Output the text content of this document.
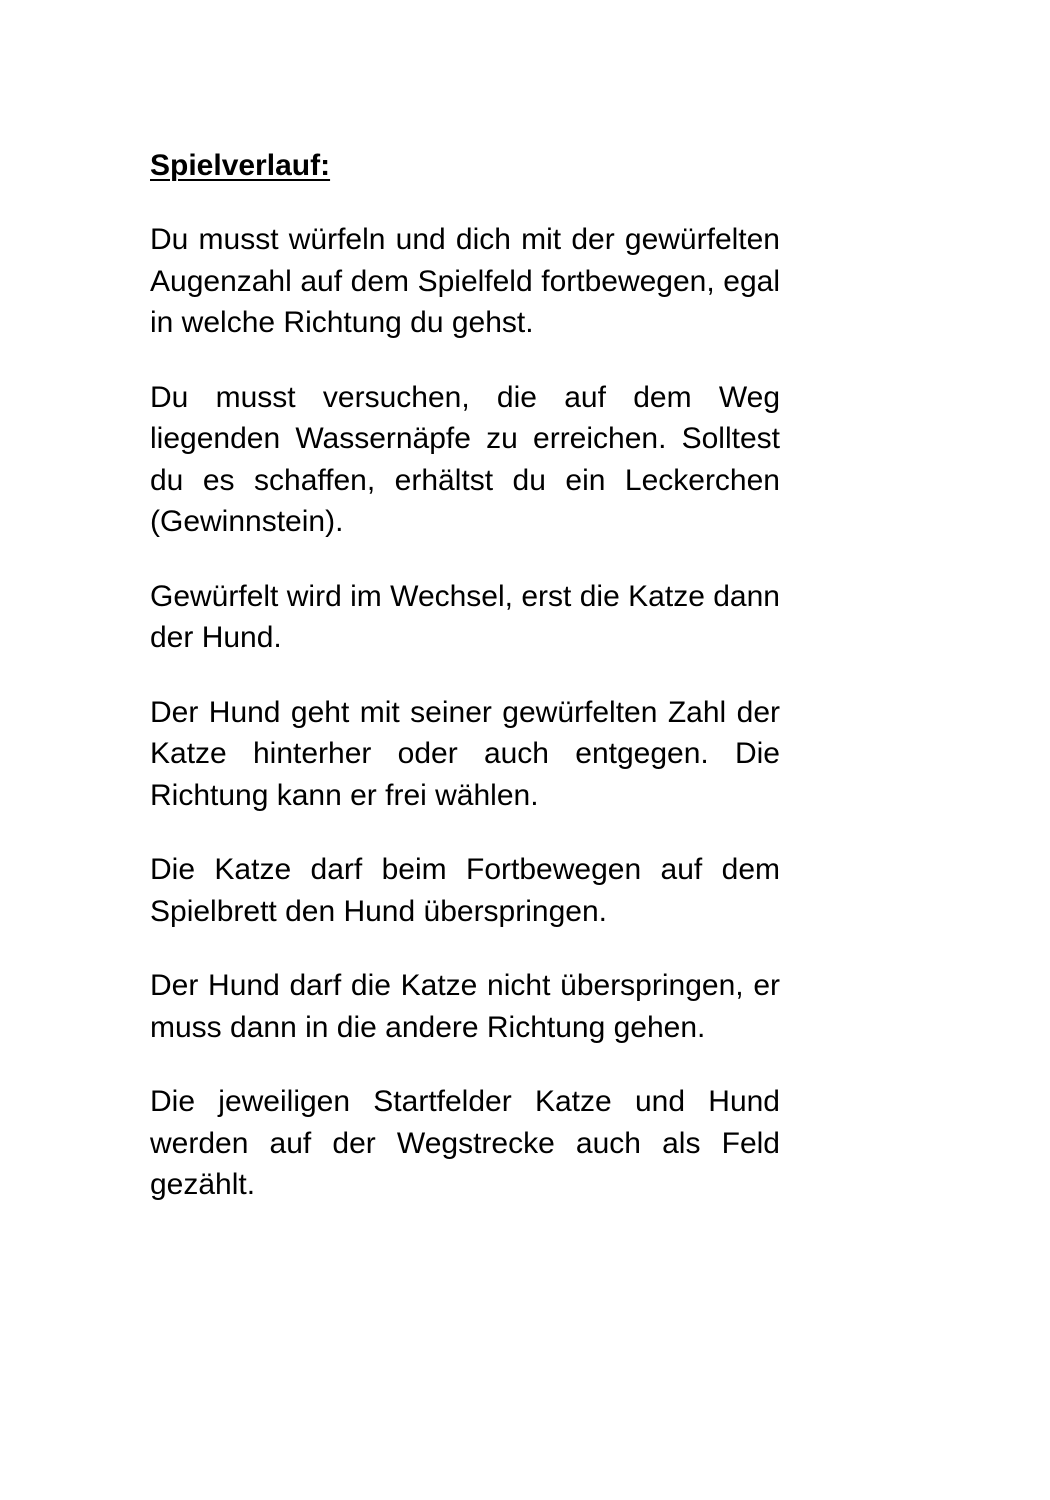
Spielverlauf:

Du musst würfeln und dich mit der gewürfelten Augenzahl auf dem Spielfeld fortbewegen, egal in welche Richtung du gehst.

Du musst versuchen, die auf dem Weg liegenden Wassernäpfe zu erreichen. Solltest du es schaffen, erhältst du ein Leckerchen (Gewinnstein).

Gewürfelt wird im Wechsel, erst die Katze dann der Hund.

Der Hund geht mit seiner gewürfelten Zahl der Katze hinterher oder auch entgegen. Die Richtung kann er frei wählen.

Die Katze darf beim Fortbewegen auf dem Spielbrett den Hund überspringen.

Der Hund darf die Katze nicht überspringen, er muss dann in die andere Richtung gehen.

Die jeweiligen Startfelder Katze und Hund werden auf der Wegstrecke auch als Feld gezählt.
